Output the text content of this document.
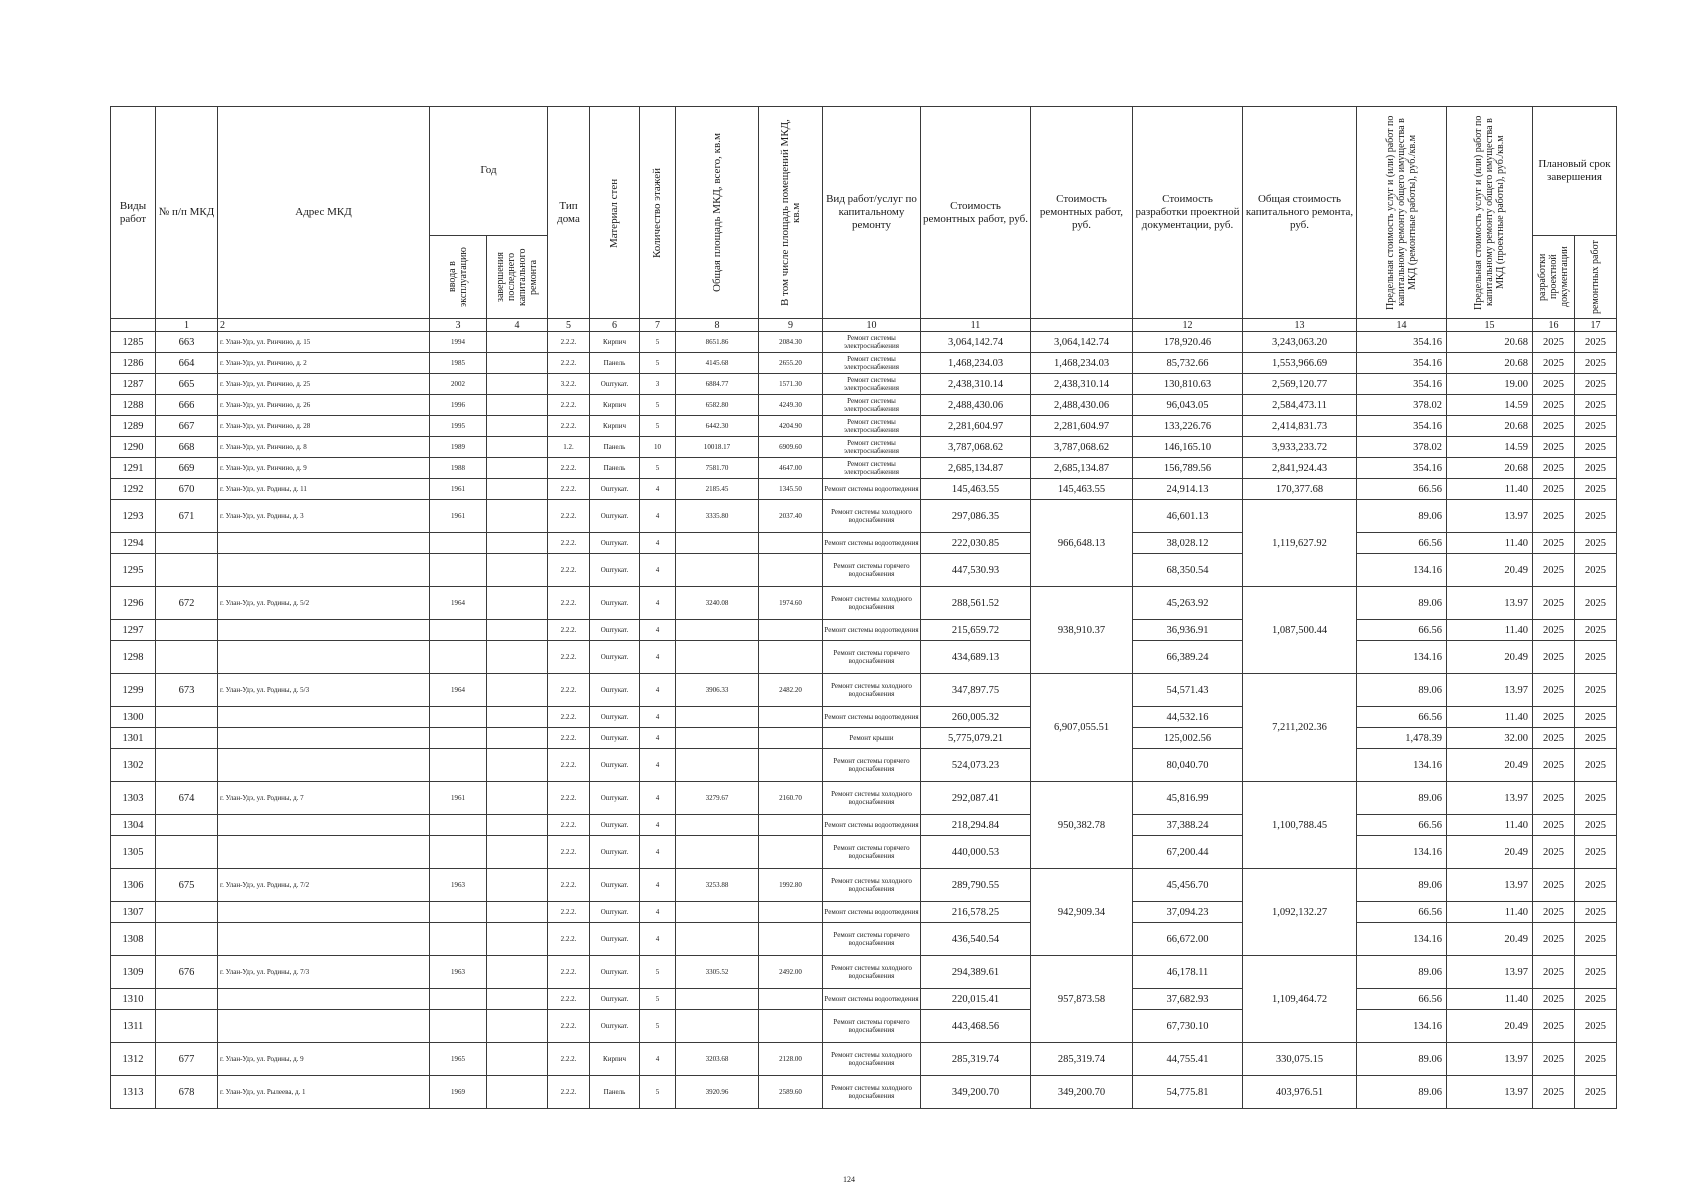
Виды работ	№ п/п МКД	Адрес МКД	Год		Тип дома	Материал стен	Количество этажей	Общая площадь МКД, всего, кв.м	В том числе площадь помещений МКД, кв.м	Вид работ/услуг по капитальному ремонту	Стоимость ремонтных работ, руб.	Стоимость ремонтных работ, руб.	Стоимость разработки проектной документации, руб.	Общая стоимость капитального ремонта, руб.	Предельная стоимость услуг и (или) работ по капитальному ремонту общего имущества в МКД (ремонтные работы), руб./кв.м	Предельная стоимость услуг и (или) работ по капитальному ремонту общего имущества в МКД (проектные работы), руб./кв.м	Плановый срок завершения	

			ввода в эксплуатацию	завершения последнего капитального ремонта													разработки проектной документации	ремонтных работ

	1	2	3	4	5	6	7	8	9	10	11		12	13	14	15	16	17
1285	663	г. Улан-Удэ, ул. Ринчино, д. 15	1994		2.2.2.	Кирпич	5	8651.86	2084.30	Ремонт системы электроснабжения	3,064,142.74	3,064,142.74	178,920.46	3,243,063.20	354.16	20.68	2025	2025
1286	664	г. Улан-Удэ, ул. Ринчино, д. 2	1985		2.2.2.	Панель	5	4145.68	2655.20	Ремонт системы электроснабжения	1,468,234.03	1,468,234.03	85,732.66	1,553,966.69	354.16	20.68	2025	2025
1287	665	г. Улан-Удэ, ул. Ринчино, д. 25	2002		3.2.2.	Оштукат.	3	6884.77	1571.30	Ремонт системы электроснабжения	2,438,310.14	2,438,310.14	130,810.63	2,569,120.77	354.16	19.00	2025	2025
1288	666	г. Улан-Удэ, ул. Ринчино, д. 26	1996		2.2.2.	Кирпич	5	6582.80	4249.30	Ремонт системы электроснабжения	2,488,430.06	2,488,430.06	96,043.05	2,584,473.11	378.02	14.59	2025	2025
1289	667	г. Улан-Удэ, ул. Ринчино, д. 28	1995		2.2.2.	Кирпич	5	6442.30	4204.90	Ремонт системы электроснабжения	2,281,604.97	2,281,604.97	133,226.76	2,414,831.73	354.16	20.68	2025	2025
1290	668	г. Улан-Удэ, ул. Ринчино, д. 8	1989		1.2.	Панель	10	10018.17	6909.60	Ремонт системы электроснабжения	3,787,068.62	3,787,068.62	146,165.10	3,933,233.72	378.02	14.59	2025	2025
1291	669	г. Улан-Удэ, ул. Ринчино, д. 9	1988		2.2.2.	Панель	5	7581.70	4647.00	Ремонт системы электроснабжения	2,685,134.87	2,685,134.87	156,789.56	2,841,924.43	354.16	20.68	2025	2025
1292	670	г. Улан-Удэ, ул. Родины, д. 11	1961		2.2.2.	Оштукат.	4	2185.45	1345.50	Ремонт системы водоотведения	145,463.55	145,463.55	24,914.13	170,377.68	66.56	11.40	2025	2025
1293	671	г. Улан-Удэ, ул. Родины, д. 3	1961		2.2.2.	Оштукат.	4	3335.80	2037.40	Ремонт системы холодного водоснабжения	297,086.35	966,648.13	46,601.13	1,119,627.92	89.06	13.97	2025	2025
1294					2.2.2.	Оштукат.	4			Ремонт системы водоотведения	222,030.85		38,028.12		66.56	11.40	2025	2025
1295					2.2.2.	Оштукат.	4			Ремонт системы горячего водоснабжения	447,530.93		68,350.54		134.16	20.49	2025	2025
1296	672	г. Улан-Удэ, ул. Родины, д. 5/2	1964		2.2.2.	Оштукат.	4	3240.08	1974.60	Ремонт системы холодного водоснабжения	288,561.52	938,910.37	45,263.92	1,087,500.44	89.06	13.97	2025	2025
1297					2.2.2.	Оштукат.	4			Ремонт системы водоотведения	215,659.72		36,936.91		66.56	11.40	2025	2025
1298					2.2.2.	Оштукат.	4			Ремонт системы горячего водоснабжения	434,689.13		66,389.24		134.16	20.49	2025	2025
1299	673	г. Улан-Удэ, ул. Родины, д. 5/3	1964		2.2.2.	Оштукат.	4	3906.33	2482.20	Ремонт системы холодного водоснабжения	347,897.75	6,907,055.51	54,571.43	7,211,202.36	89.06	13.97	2025	2025
1300					2.2.2.	Оштукат.	4			Ремонт системы водоотведения	260,005.32		44,532.16		66.56	11.40	2025	2025
1301					2.2.2.	Оштукат.	4			Ремонт крыши	5,775,079.21		125,002.56		1,478.39	32.00	2025	2025
1302					2.2.2.	Оштукат.	4			Ремонт системы горячего водоснабжения	524,073.23		80,040.70		134.16	20.49	2025	2025
1303	674	г. Улан-Удэ, ул. Родины, д. 7	1961		2.2.2.	Оштукат.	4	3279.67	2160.70	Ремонт системы холодного водоснабжения	292,087.41	950,382.78	45,816.99	1,100,788.45	89.06	13.97	2025	2025
1304					2.2.2.	Оштукат.	4			Ремонт системы водоотведения	218,294.84		37,388.24		66.56	11.40	2025	2025
1305					2.2.2.	Оштукат.	4			Ремонт системы горячего водоснабжения	440,000.53		67,200.44		134.16	20.49	2025	2025
1306	675	г. Улан-Удэ, ул. Родины, д. 7/2	1963		2.2.2.	Оштукат.	4	3253.88	1992.80	Ремонт системы холодного водоснабжения	289,790.55	942,909.34	45,456.70	1,092,132.27	89.06	13.97	2025	2025
1307					2.2.2.	Оштукат.	4			Ремонт системы водоотведения	216,578.25		37,094.23		66.56	11.40	2025	2025
1308					2.2.2.	Оштукат.	4			Ремонт системы горячего водоснабжения	436,540.54		66,672.00		134.16	20.49	2025	2025
1309	676	г. Улан-Удэ, ул. Родины, д. 7/3	1963		2.2.2.	Оштукат.	5	3305.52	2492.00	Ремонт системы холодного водоснабжения	294,389.61	957,873.58	46,178.11	1,109,464.72	89.06	13.97	2025	2025
1310					2.2.2.	Оштукат.	5			Ремонт системы водоотведения	220,015.41		37,682.93		66.56	11.40	2025	2025
1311					2.2.2.	Оштукат.	5			Ремонт системы горячего водоснабжения	443,468.56		67,730.10		134.16	20.49	2025	2025
1312	677	г. Улан-Удэ, ул. Родины, д. 9	1965		2.2.2.	Кирпич	4	3203.68	2128.00	Ремонт системы холодного водоснабжения	285,319.74	285,319.74	44,755.41	330,075.15	89.06	13.97	2025	2025
1313	678	г. Улан-Удэ, ул. Рылеева, д. 1	1969		2.2.2.	Панель	5	3920.96	2589.60	Ремонт системы холодного водоснабжения	349,200.70	349,200.70	54,775.81	403,976.51	89.06	13.97	2025	2025
124
